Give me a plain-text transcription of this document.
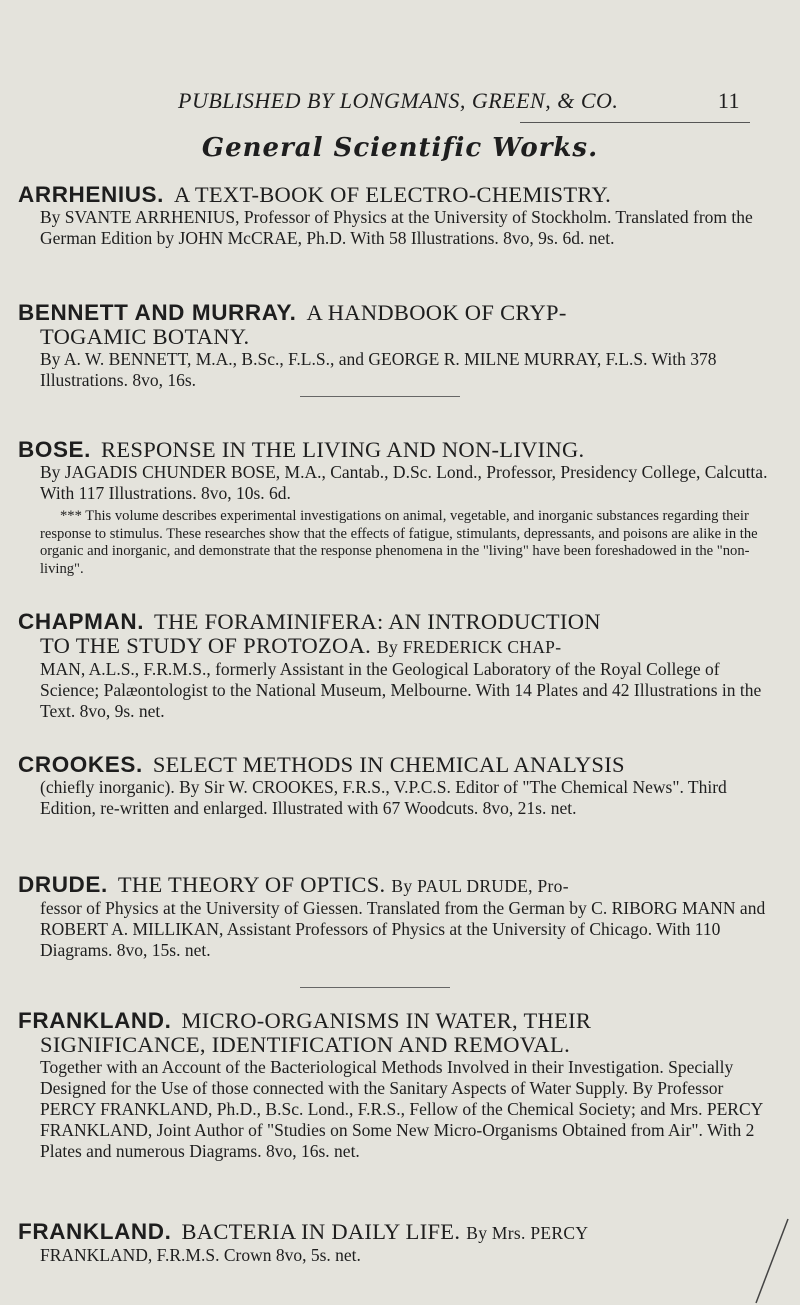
PUBLISHED BY LONGMANS, GREEN, & CO.	11
General Scientific Works.
ARRHENIUS. A TEXT-BOOK OF ELECTRO-CHEMISTRY.
By SVANTE ARRHENIUS, Professor of Physics at the University of Stockholm. Translated from the German Edition by JOHN McCRAE, Ph.D. With 58 Illustrations. 8vo, 9s. 6d. net.
BENNETT AND MURRAY. A HANDBOOK OF CRYP-
TOGAMIC BOTANY.
By A. W. BENNETT, M.A., B.Sc., F.L.S., and GEORGE R. MILNE MURRAY, F.L.S. With 378 Illustrations. 8vo, 16s.
BOSE. RESPONSE IN THE LIVING AND NON-LIVING.
By JAGADIS CHUNDER BOSE, M.A., Cantab., D.Sc. Lond., Professor, Presidency College, Calcutta. With 117 Illustrations. 8vo, 10s. 6d.
*** This volume describes experimental investigations on animal, vegetable, and inorganic substances regarding their response to stimulus. These researches show that the effects of fatigue, stimulants, depressants, and poisons are alike in the organic and inorganic, and demonstrate that the response phenomena in the "living" have been foreshadowed in the "non-living".
CHAPMAN. THE FORAMINIFERA: AN INTRODUCTION
TO THE STUDY OF PROTOZOA. By FREDERICK CHAP-
MAN, A.L.S., F.R.M.S., formerly Assistant in the Geological Laboratory of the Royal College of Science; Palæontologist to the National Museum, Melbourne. With 14 Plates and 42 Illustrations in the Text. 8vo, 9s. net.
CROOKES. SELECT METHODS IN CHEMICAL ANALYSIS
(chiefly inorganic). By Sir W. CROOKES, F.R.S., V.P.C.S. Editor of "The Chemical News". Third Edition, re-written and enlarged. Illustrated with 67 Woodcuts. 8vo, 21s. net.
DRUDE. THE THEORY OF OPTICS. By PAUL DRUDE, Pro-
fessor of Physics at the University of Giessen. Translated from the German by C. RIBORG MANN and ROBERT A. MILLIKAN, Assistant Professors of Physics at the University of Chicago. With 110 Diagrams. 8vo, 15s. net.
FRANKLAND. MICRO-ORGANISMS IN WATER, THEIR
SIGNIFICANCE, IDENTIFICATION AND REMOVAL.
Together with an Account of the Bacteriological Methods Involved in their Investigation. Specially Designed for the Use of those connected with the Sanitary Aspects of Water Supply. By Professor PERCY FRANKLAND, Ph.D., B.Sc. Lond., F.R.S., Fellow of the Chemical Society; and Mrs. PERCY FRANKLAND, Joint Author of "Studies on Some New Micro-Organisms Obtained from Air". With 2 Plates and numerous Diagrams. 8vo, 16s. net.
FRANKLAND. BACTERIA IN DAILY LIFE. By Mrs. PERCY
FRANKLAND, F.R.M.S. Crown 8vo, 5s. net.
